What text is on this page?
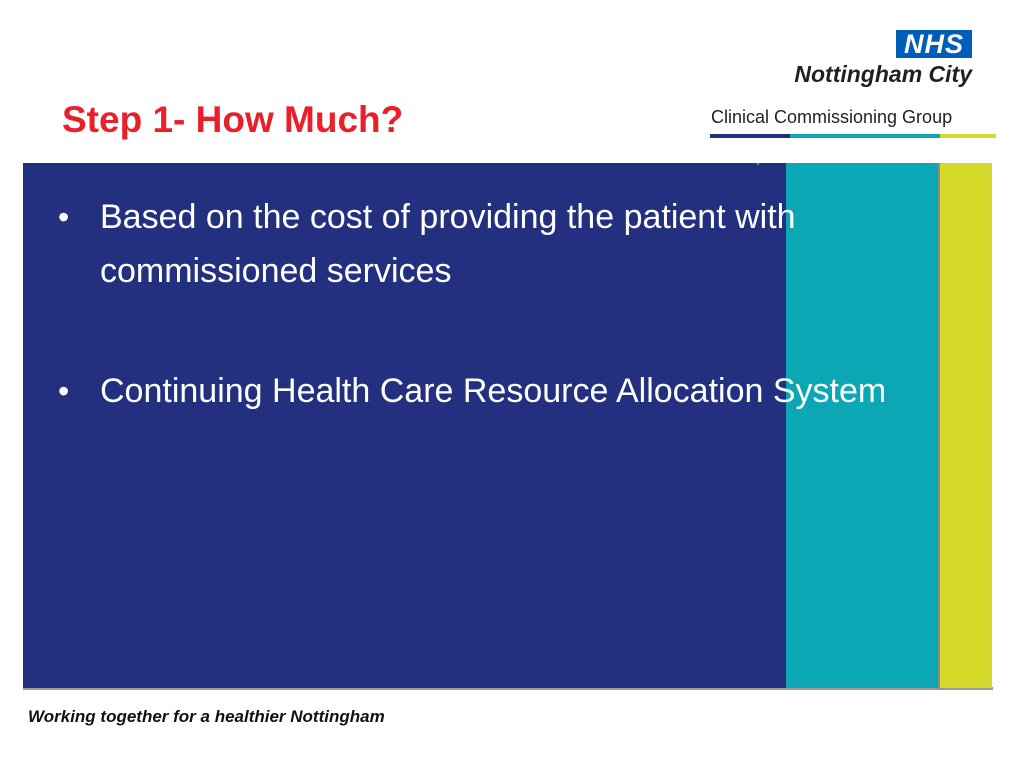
Step 1- How Much?
NHS
Nottingham City
Clinical Commissioning Group
• Based on the cost of providing the patient with commissioned services
• Continuing Health Care Resource Allocation System

Working together for a healthier Nottingham
